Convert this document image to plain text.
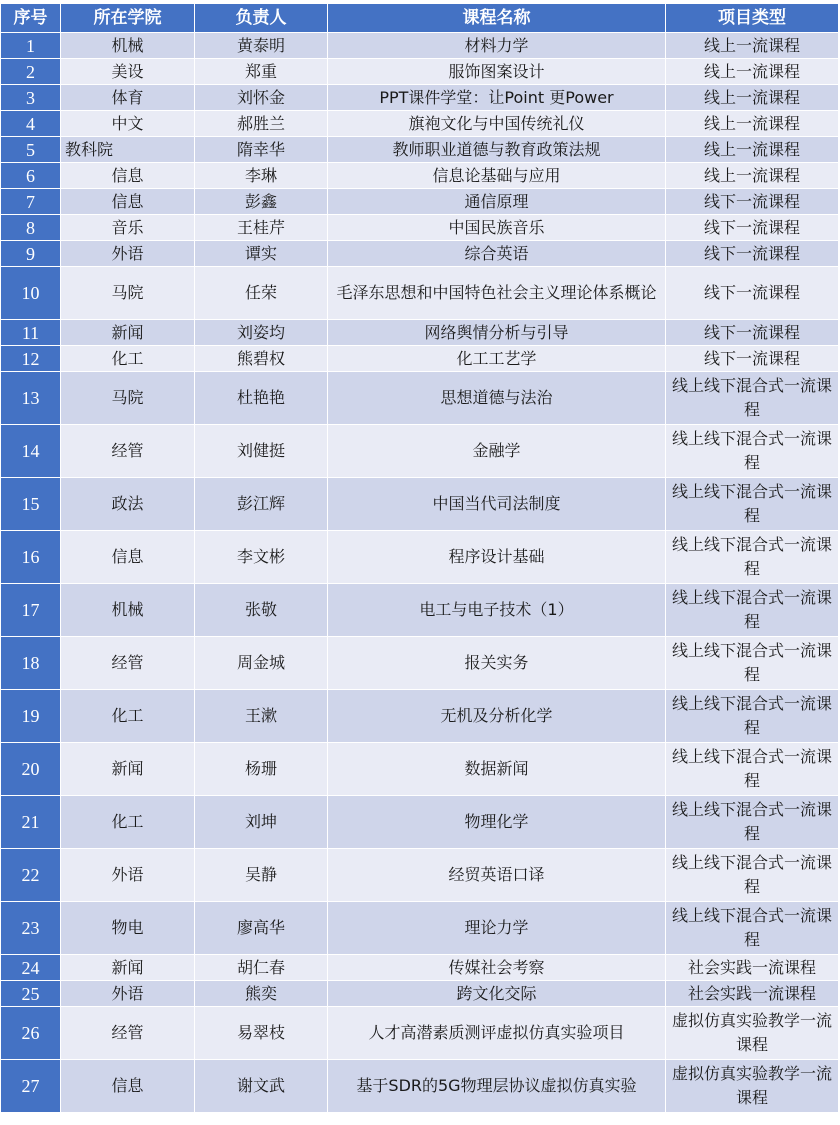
序号	所在学院	负责人	课程名称	项目类型
1	机械	黄泰明	材料力学	线上一流课程
2	美设	郑重	服饰图案设计	线上一流课程
3	体育	刘怀金	PPT课件学堂：让Point 更Power	线上一流课程
4	中文	郝胜兰	旗袍文化与中国传统礼仪	线上一流课程
5	教科院	隋幸华	教师职业道德与教育政策法规	线上一流课程
6	信息	李琳	信息论基础与应用	线上一流课程
7	信息	彭鑫	通信原理	线下一流课程
8	音乐	王桂芹	中国民族音乐	线下一流课程
9	外语	谭实	综合英语	线下一流课程
10	马院	任荣	毛泽东思想和中国特色社会主义理论体系概论	线下一流课程
11	新闻	刘姿均	网络舆情分析与引导	线下一流课程
12	化工	熊碧权	化工工艺学	线下一流课程
13	马院	杜艳艳	思想道德与法治	线上线下混合式一流课程
14	经管	刘健挺	金融学	线上线下混合式一流课程
15	政法	彭江辉	中国当代司法制度	线上线下混合式一流课程
16	信息	李文彬	程序设计基础	线上线下混合式一流课程
17	机械	张敬	电工与电子技术（1）	线上线下混合式一流课程
18	经管	周金城	报关实务	线上线下混合式一流课程
19	化工	王漱	无机及分析化学	线上线下混合式一流课程
20	新闻	杨珊	数据新闻	线上线下混合式一流课程
21	化工	刘坤	物理化学	线上线下混合式一流课程
22	外语	吴静	经贸英语口译	线上线下混合式一流课程
23	物电	廖高华	理论力学	线上线下混合式一流课程
24	新闻	胡仁春	传媒社会考察	社会实践一流课程
25	外语	熊奕	跨文化交际	社会实践一流课程
26	经管	易翠枝	人才高潜素质测评虚拟仿真实验项目	虚拟仿真实验教学一流课程
27	信息	谢文武	基于SDR的5G物理层协议虚拟仿真实验	虚拟仿真实验教学一流课程
